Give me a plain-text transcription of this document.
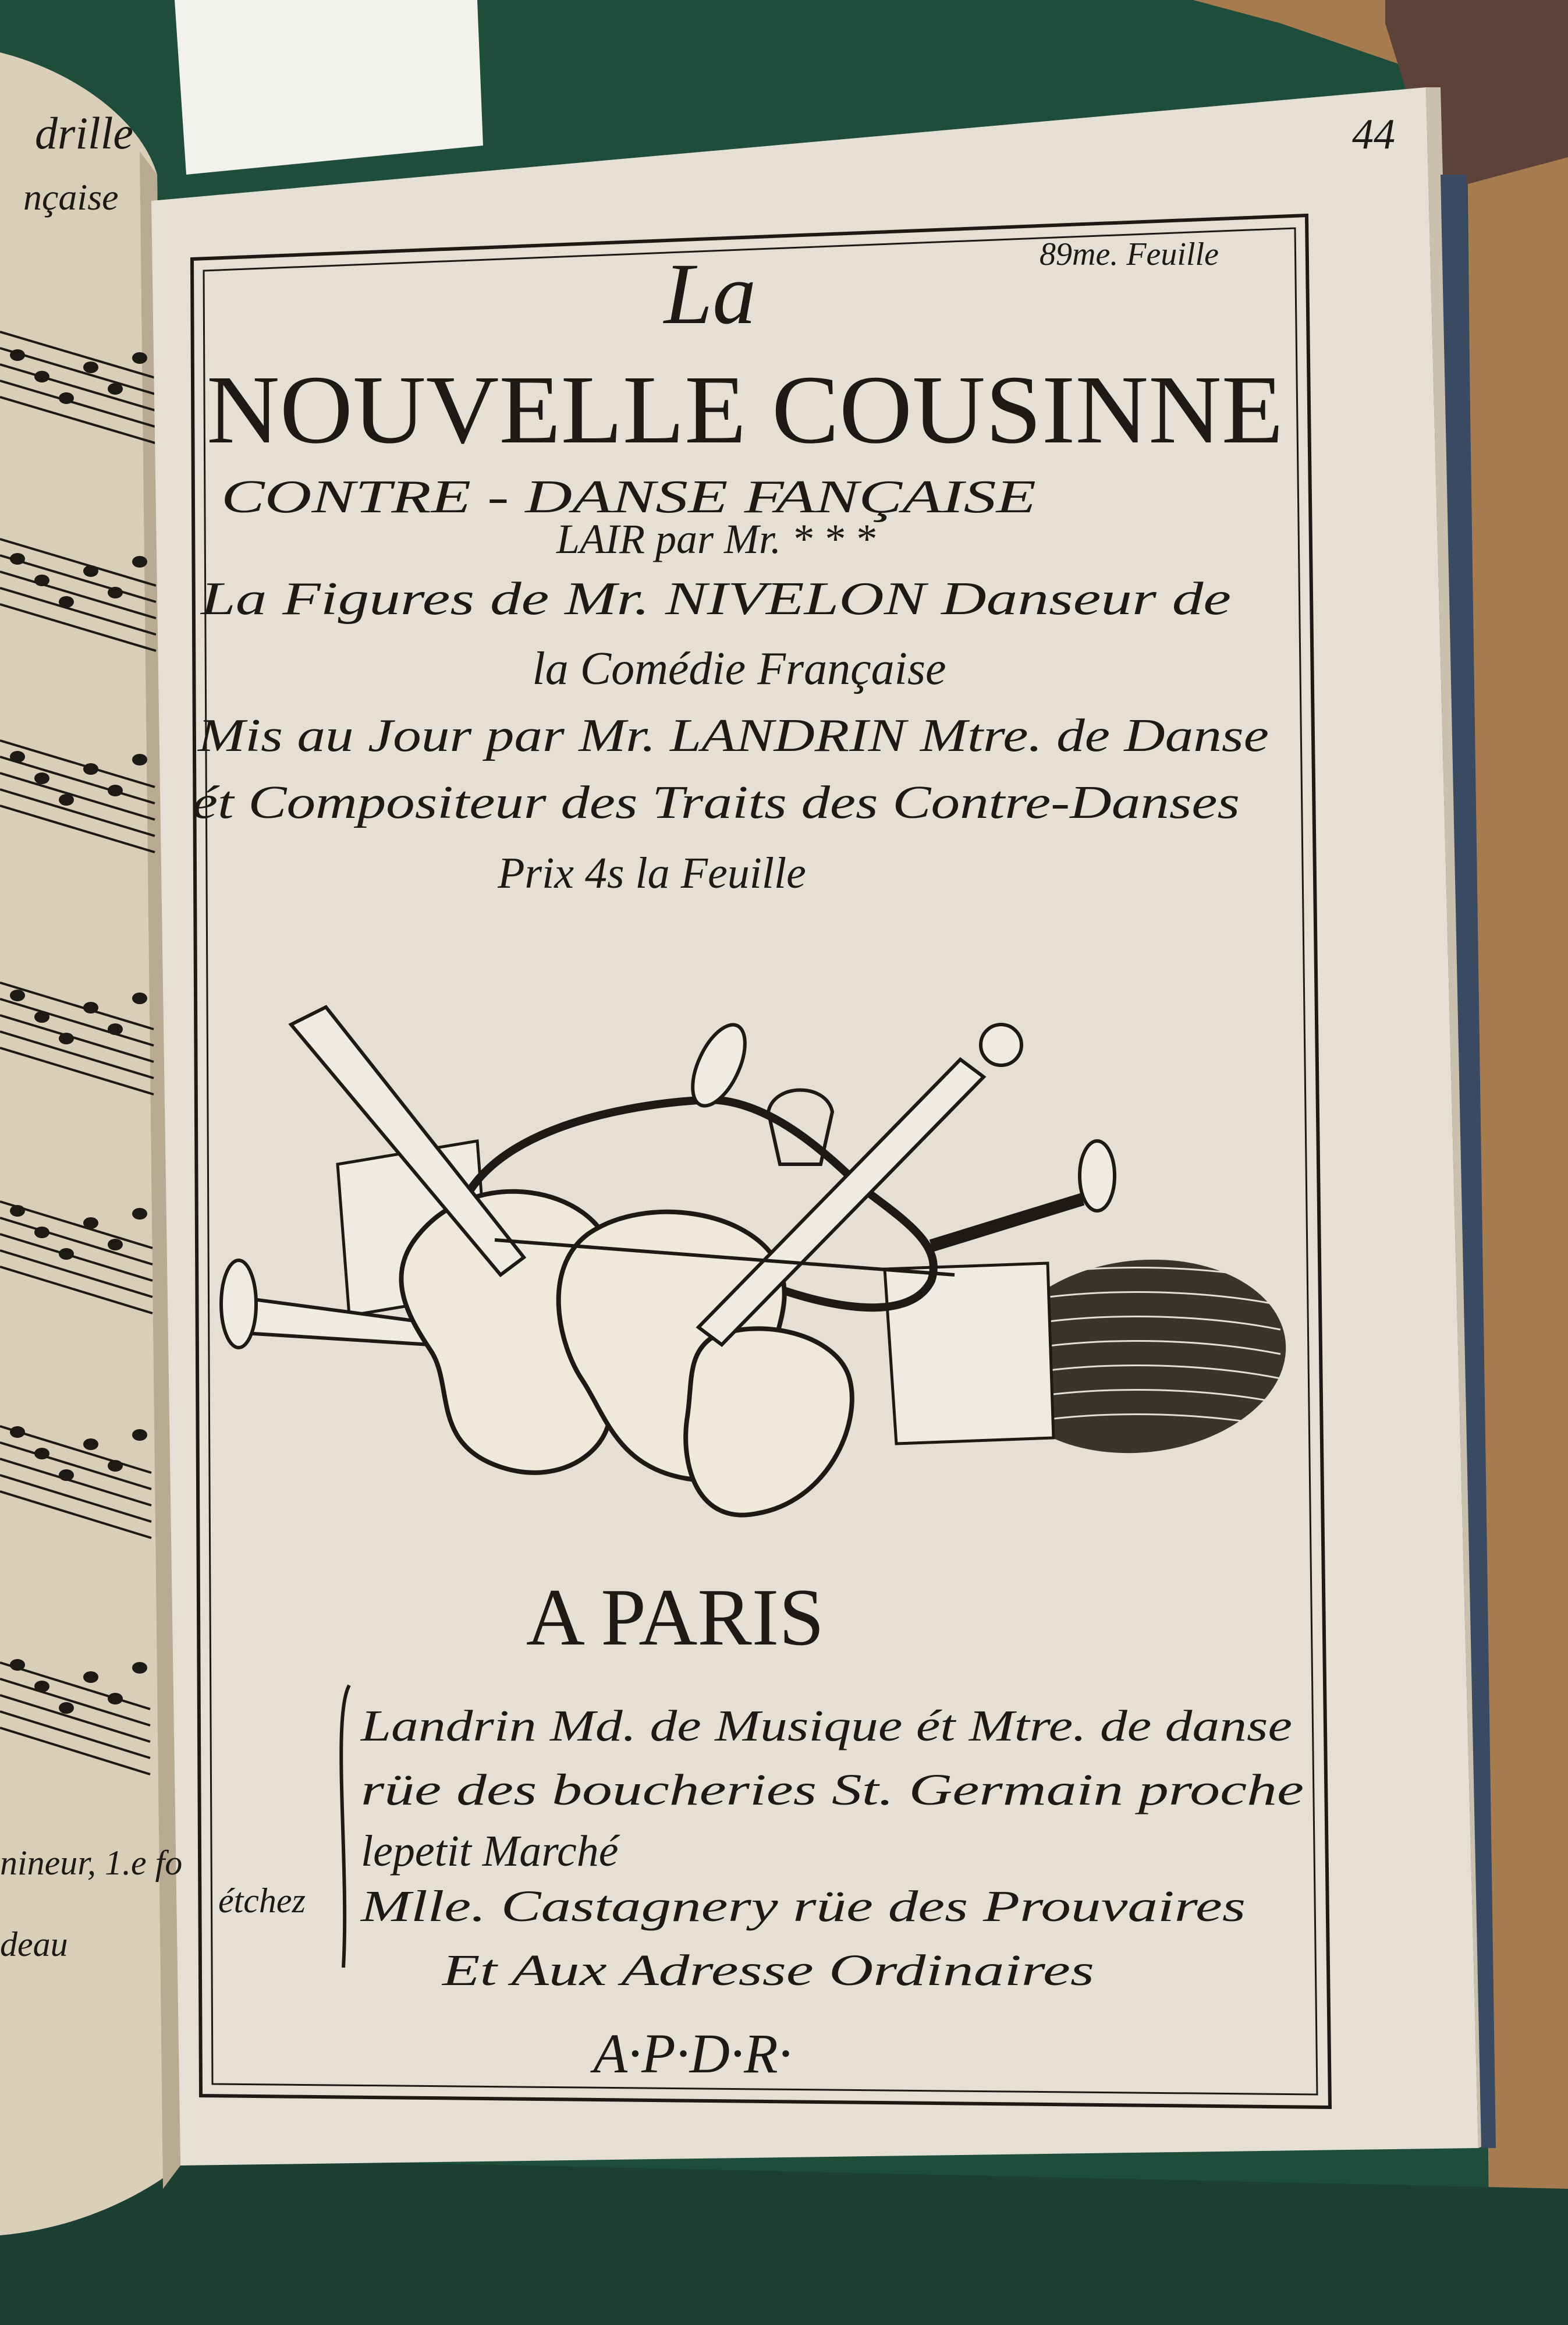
drille
nçaise
nineur, 1.e fo
deau
44
89me. Feuille
La
NOUVELLE COUSINNE
CONTRE - DANSE FANÇAISE
LAIR par Mr. * * *
La Figures de Mr. NIVELON Danseur de
la Comédie Française
Mis au Jour par Mr. LANDRIN Mtre. de Danse
ét Compositeur des Traits des Contre-Danses
Prix 4s la Feuille
A PARIS
Landrin Md. de Musique ét Mtre. de danse
rüe des boucheries St. Germain proche
lepetit Marché
étchez Mlle. Castagnery rüe des Prouvaires
Et Aux Adresse Ordinaires
A·P·D·R·
